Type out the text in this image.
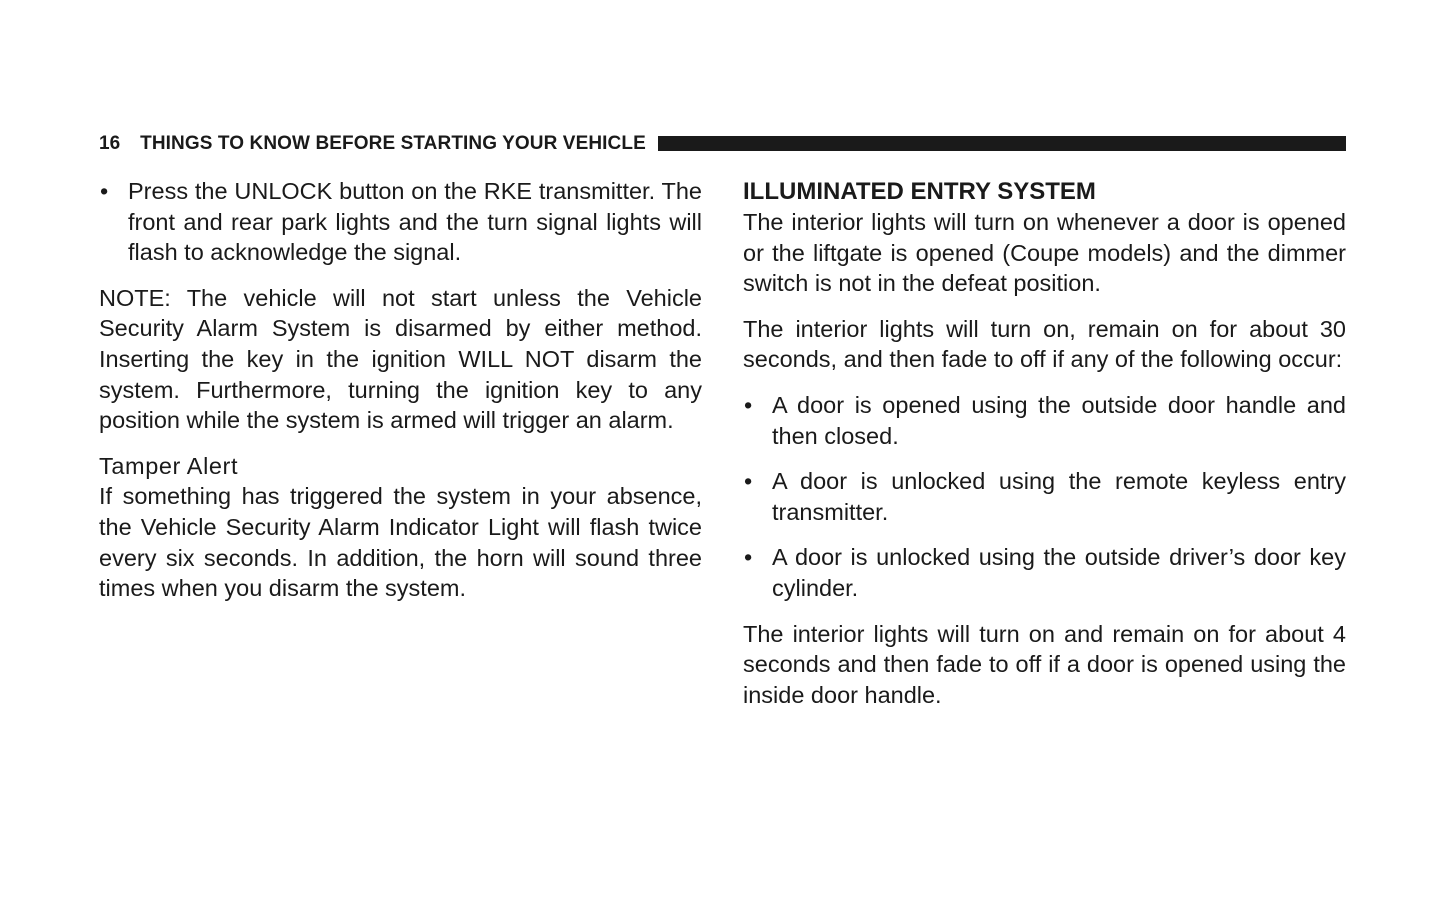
16 THINGS TO KNOW BEFORE STARTING YOUR VEHICLE
• Press the UNLOCK button on the RKE transmitter. The front and rear park lights and the turn signal lights will flash to acknowledge the signal.

NOTE: The vehicle will not start unless the Vehicle Security Alarm System is disarmed by either method. Inserting the key in the ignition WILL NOT disarm the system. Furthermore, turning the ignition key to any position while the system is armed will trigger an alarm.

Tamper Alert

If something has triggered the system in your absence, the Vehicle Security Alarm Indicator Light will flash twice every six seconds. In addition, the horn will sound three times when you disarm the system.

ILLUMINATED ENTRY SYSTEM

The interior lights will turn on whenever a door is opened or the liftgate is opened (Coupe models) and the dimmer switch is not in the defeat position.

The interior lights will turn on, remain on for about 30 seconds, and then fade to off if any of the following occur:

• A door is opened using the outside door handle and then closed.
• A door is unlocked using the remote keyless entry transmitter.
• A door is unlocked using the outside driver’s door key cylinder.

The interior lights will turn on and remain on for about 4 seconds and then fade to off if a door is opened using the inside door handle.
